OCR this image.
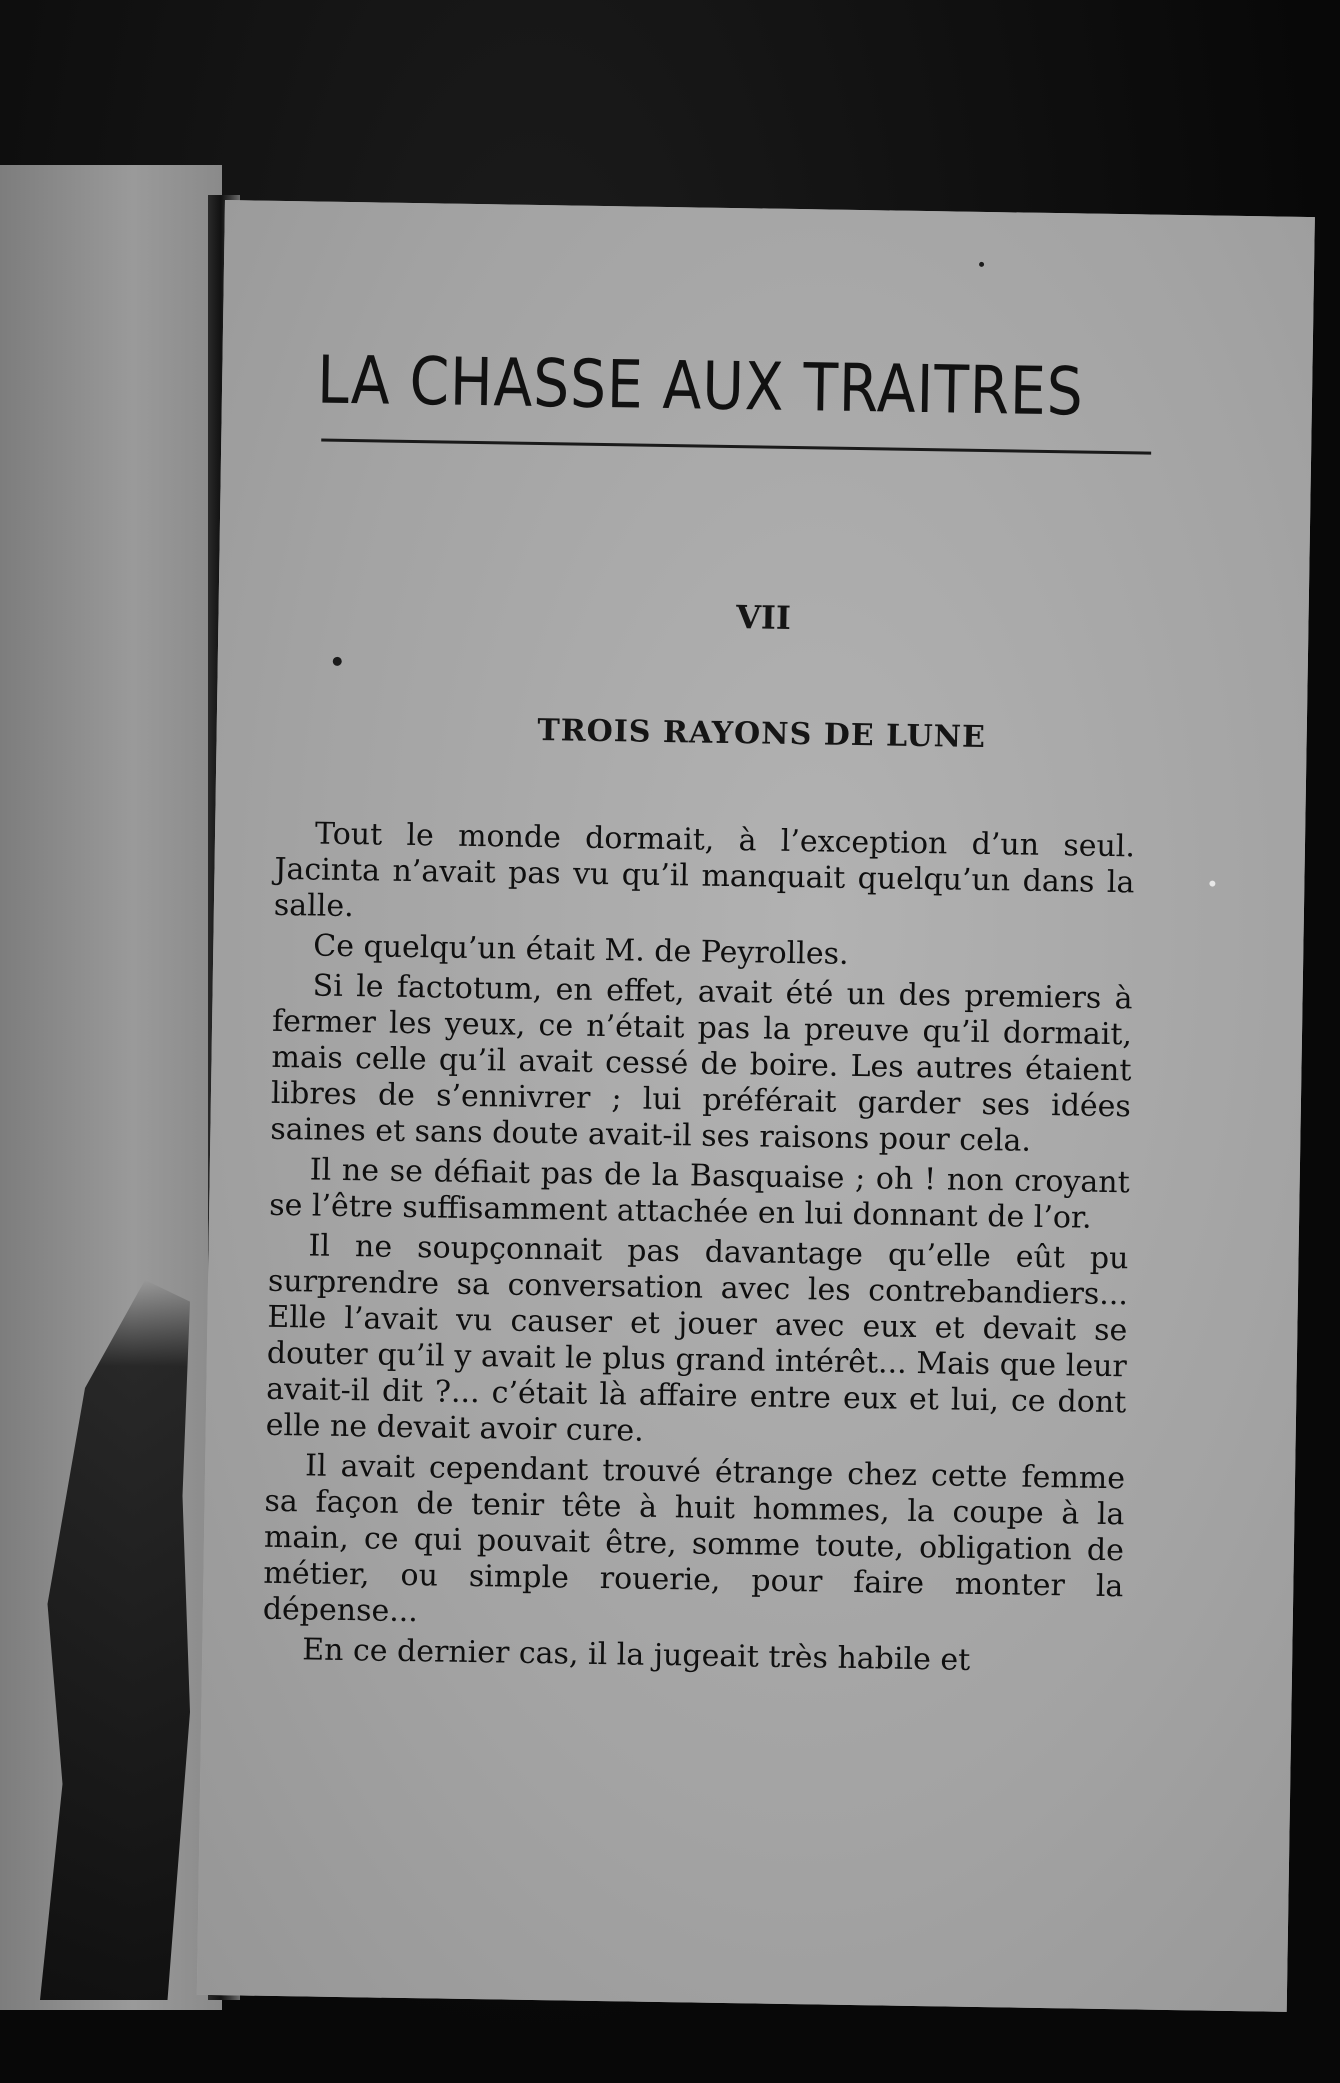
LA CHASSE AUX TRAITRES
VII
TROIS RAYONS DE LUNE

Tout le monde dormait, à l’exception d’un seul. Jacinta n’avait pas vu qu’il manquait quelqu’un dans la salle.

Ce quelqu’un était M. de Peyrolles.

Si le factotum, en effet, avait été un des premiers à fermer les yeux, ce n’était pas la preuve qu’il dormait, mais celle qu’il avait cessé de boire. Les autres étaient libres de s’ennivrer ; lui préférait garder ses idées saines et sans doute avait-il ses raisons pour cela.

Il ne se défiait pas de la Basquaise ; oh ! non croyant se l’être suffisamment attachée en lui donnant de l’or.

Il ne soupçonnait pas davantage qu’elle eût pu surprendre sa conversation avec les contrebandiers... Elle l’avait vu causer et jouer avec eux et devait se douter qu’il y avait le plus grand intérêt... Mais que leur avait-il dit ?... c’était là affaire entre eux et lui, ce dont elle ne devait avoir cure.

Il avait cependant trouvé étrange chez cette femme sa façon de tenir tête à huit hommes, la coupe à la main, ce qui pouvait être, somme toute, obligation de métier, ou simple rouerie, pour faire monter la dépense...

En ce dernier cas, il la jugeait très habile et
